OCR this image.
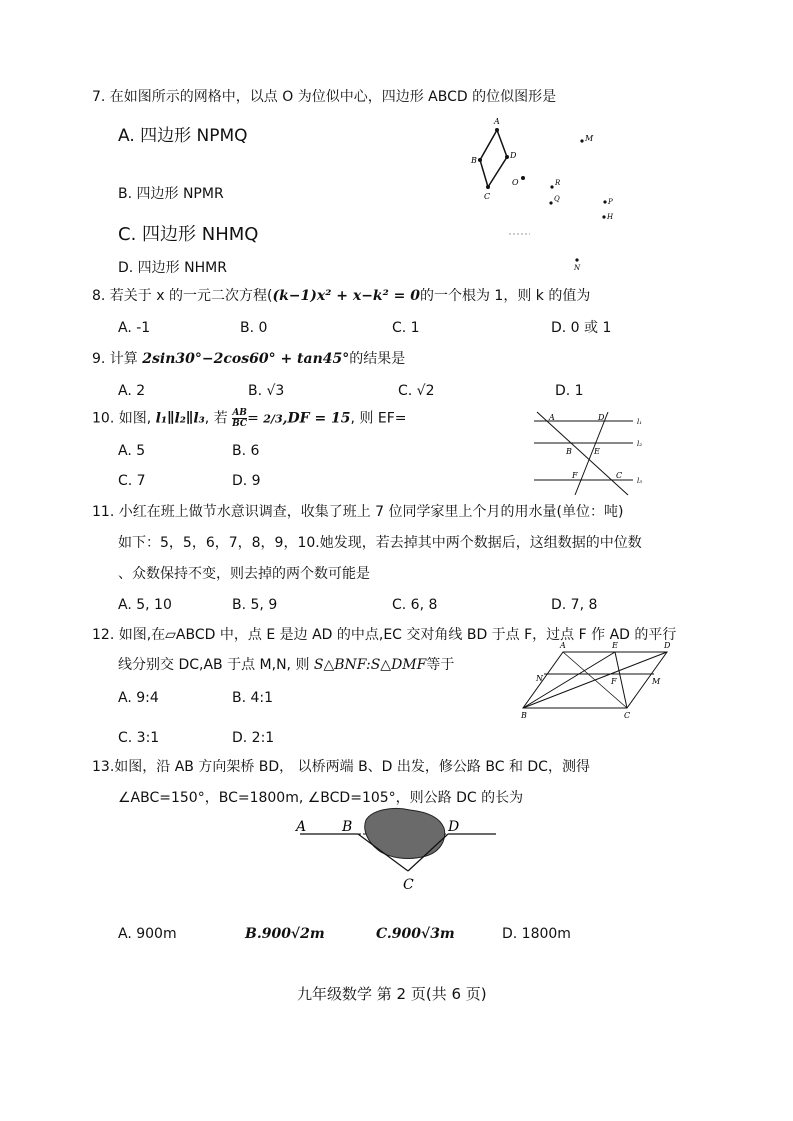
7. 在如图所示的网格中，以点 O 为位似中心，四边形 ABCD 的位似图形是
A. 四边形 NPMQ
B. 四边形 NPMR
C. 四边形 NHMQ
D. 四边形 NHMR
A
B
D
C
O
M
R
Q	P
H
N
8. 若关于 x 的一元二次方程((k−1)x² + x−k² = 0的一个根为 1，则 k 的值为
A. -1	B. 0	C. 1	D. 0 或 1
9. 计算 2sin30°−2cos60° + tan45°的结果是
A. 2	B. √3	C. √2	D. 1
10. 如图, l₁∥l₂∥l₃, 若 $\frac{AB}{BC} = 2/3,DF = 15$, 则 EF=
A. 5	B. 6
C. 7	D. 9
A	D
B	E
F	C
l₁
l₂
l₃
11. 小红在班上做节水意识调查，收集了班上 7 位同学家里上个月的用水量(单位：吨)
如下：5，5，6，7，8，9，10.她发现，若去掉其中两个数据后，这组数据的中位数
、众数保持不变，则去掉的两个数可能是
A. 5, 10	B. 5, 9	C. 6, 8	D. 7, 8
12. 如图,在▱ABCD 中，点 E 是边 AD 的中点,EC 交对角线 BD 于点 F，过点 F 作 AD 的平行
线分别交 DC,AB 于点 M,N, 则 S△BNF:S△DMF等于
A. 9:4	B. 4:1
C. 3:1	D. 2:1
A	E	D
N	F	M
B	C
13.如图，沿 AB 方向架桥 BD， 以桥两端 B、D 出发，修公路 BC 和 DC，测得
∠ABC=150°，BC=1800m, ∠BCD=105°，则公路 DC 的长为
A	B	D
C
A. 900m	B.900√2m	C.900√3m	D. 1800m
九年级数学 第 2 页(共 6 页)
